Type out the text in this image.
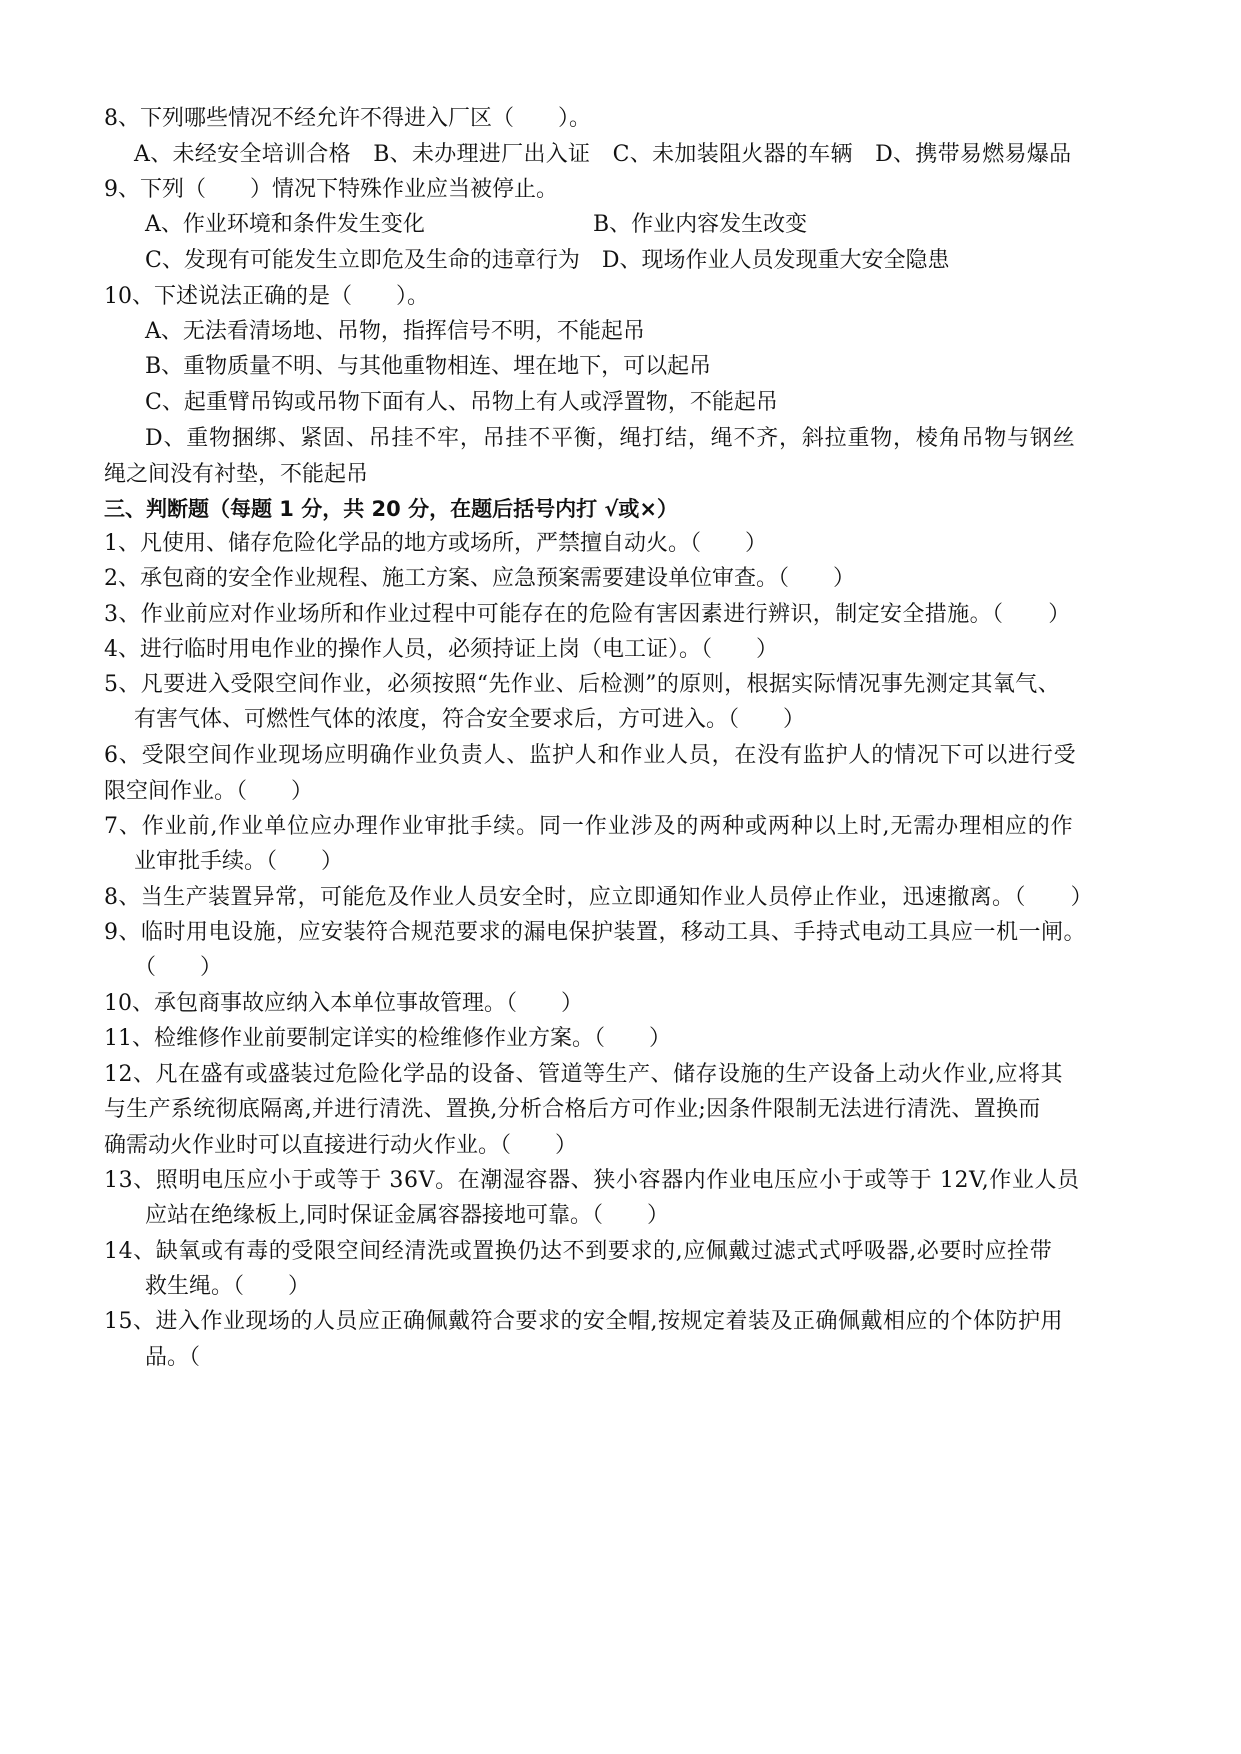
8、下列哪些情况不经允许不得进入厂区（　　）。
A、未经安全培训合格　B、未办理进厂出入证　C、未加装阻火器的车辆　D、携带易燃易爆品
9、下列（　　）情况下特殊作业应当被停止。
A、作业环境和条件发生变化	B、作业内容发生改变
C、发现有可能发生立即危及生命的违章行为　D、现场作业人员发现重大安全隐患
10、下述说法正确的是（　　）。
A、无法看清场地、吊物，指挥信号不明，不能起吊
B、重物质量不明、与其他重物相连、埋在地下，可以起吊
C、起重臂吊钩或吊物下面有人、吊物上有人或浮置物，不能起吊
D、重物捆绑、紧固、吊挂不牢，吊挂不平衡，绳打结，绳不齐，斜拉重物，棱角吊物与钢丝
绳之间没有衬垫，不能起吊
三、判断题（每题 1 分，共 20 分，在题后括号内打 √或×）
1、凡使用、储存危险化学品的地方或场所，严禁擅自动火。（　　）
2、承包商的安全作业规程、施工方案、应急预案需要建设单位审查。（　　）
3、作业前应对作业场所和作业过程中可能存在的危险有害因素进行辨识，制定安全措施。（　　）
4、进行临时用电作业的操作人员，必须持证上岗（电工证）。（　　）
5、凡要进入受限空间作业，必须按照“先作业、后检测”的原则，根据实际情况事先测定其氧气、
有害气体、可燃性气体的浓度，符合安全要求后，方可进入。（　　）
6、受限空间作业现场应明确作业负责人、监护人和作业人员，在没有监护人的情况下可以进行受
限空间作业。（　　）
7、作业前,作业单位应办理作业审批手续。同一作业涉及的两种或两种以上时,无需办理相应的作
业审批手续。（　　）
8、当生产装置异常，可能危及作业人员安全时，应立即通知作业人员停止作业，迅速撤离。（　　）
9、临时用电设施，应安装符合规范要求的漏电保护装置，移动工具、手持式电动工具应一机一闸。
（　　）
10、承包商事故应纳入本单位事故管理。（　　）
11、检维修作业前要制定详实的检维修作业方案。（　　）
12、凡在盛有或盛装过危险化学品的设备、管道等生产、储存设施的生产设备上动火作业,应将其
与生产系统彻底隔离,并进行清洗、置换,分析合格后方可作业;因条件限制无法进行清洗、置换而
确需动火作业时可以直接进行动火作业。（　　）
13、照明电压应小于或等于 36V。在潮湿容器、狭小容器内作业电压应小于或等于 12V,作业人员
应站在绝缘板上,同时保证金属容器接地可靠。（　　）
14、缺氧或有毒的受限空间经清洗或置换仍达不到要求的,应佩戴过滤式式呼吸器,必要时应拴带
救生绳。（　　）
15、进入作业现场的人员应正确佩戴符合要求的安全帽,按规定着装及正确佩戴相应的个体防护用
品。（
